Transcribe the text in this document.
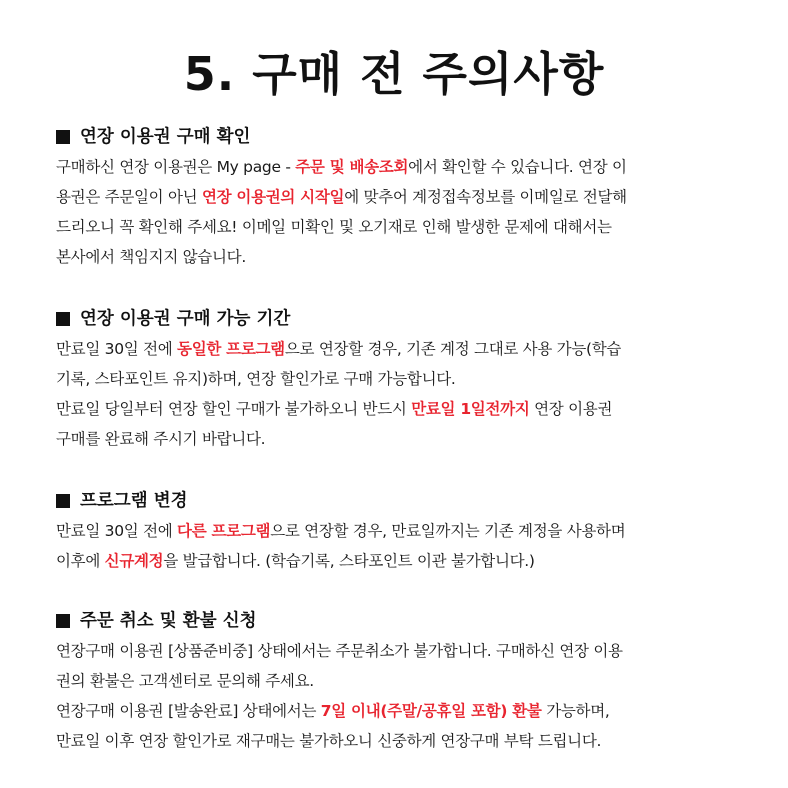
5. 구매 전 주의사항
연장 이용권 구매 확인
구매하신 연장 이용권은 My page - 주문 및 배송조회에서 확인할 수 있습니다. 연장 이
용권은 주문일이 아닌 연장 이용권의 시작일에 맞추어 계정접속정보를 이메일로 전달해
드리오니 꼭 확인해 주세요! 이메일 미확인 및 오기재로 인해 발생한 문제에 대해서는
본사에서 책임지지 않습니다.
연장 이용권 구매 가능 기간
만료일 30일 전에 동일한 프로그램으로 연장할 경우, 기존 계정 그대로 사용 가능(학습
기록, 스타포인트 유지)하며, 연장 할인가로 구매 가능합니다.
만료일 당일부터 연장 할인 구매가 불가하오니 반드시 만료일 1일전까지 연장 이용권
구매를 완료해 주시기 바랍니다.
프로그램 변경
만료일 30일 전에 다른 프로그램으로 연장할 경우, 만료일까지는 기존 계정을 사용하며
이후에 신규계정을 발급합니다. (학습기록, 스타포인트 이관 불가합니다.)
주문 취소 및 환불 신청
연장구매 이용권 [상품준비중] 상태에서는 주문취소가 불가합니다. 구매하신 연장 이용
권의 환불은 고객센터로 문의해 주세요.
연장구매 이용권 [발송완료] 상태에서는 7일 이내(주말/공휴일 포함) 환불 가능하며,
만료일 이후 연장 할인가로 재구매는 불가하오니 신중하게 연장구매 부탁 드립니다.
